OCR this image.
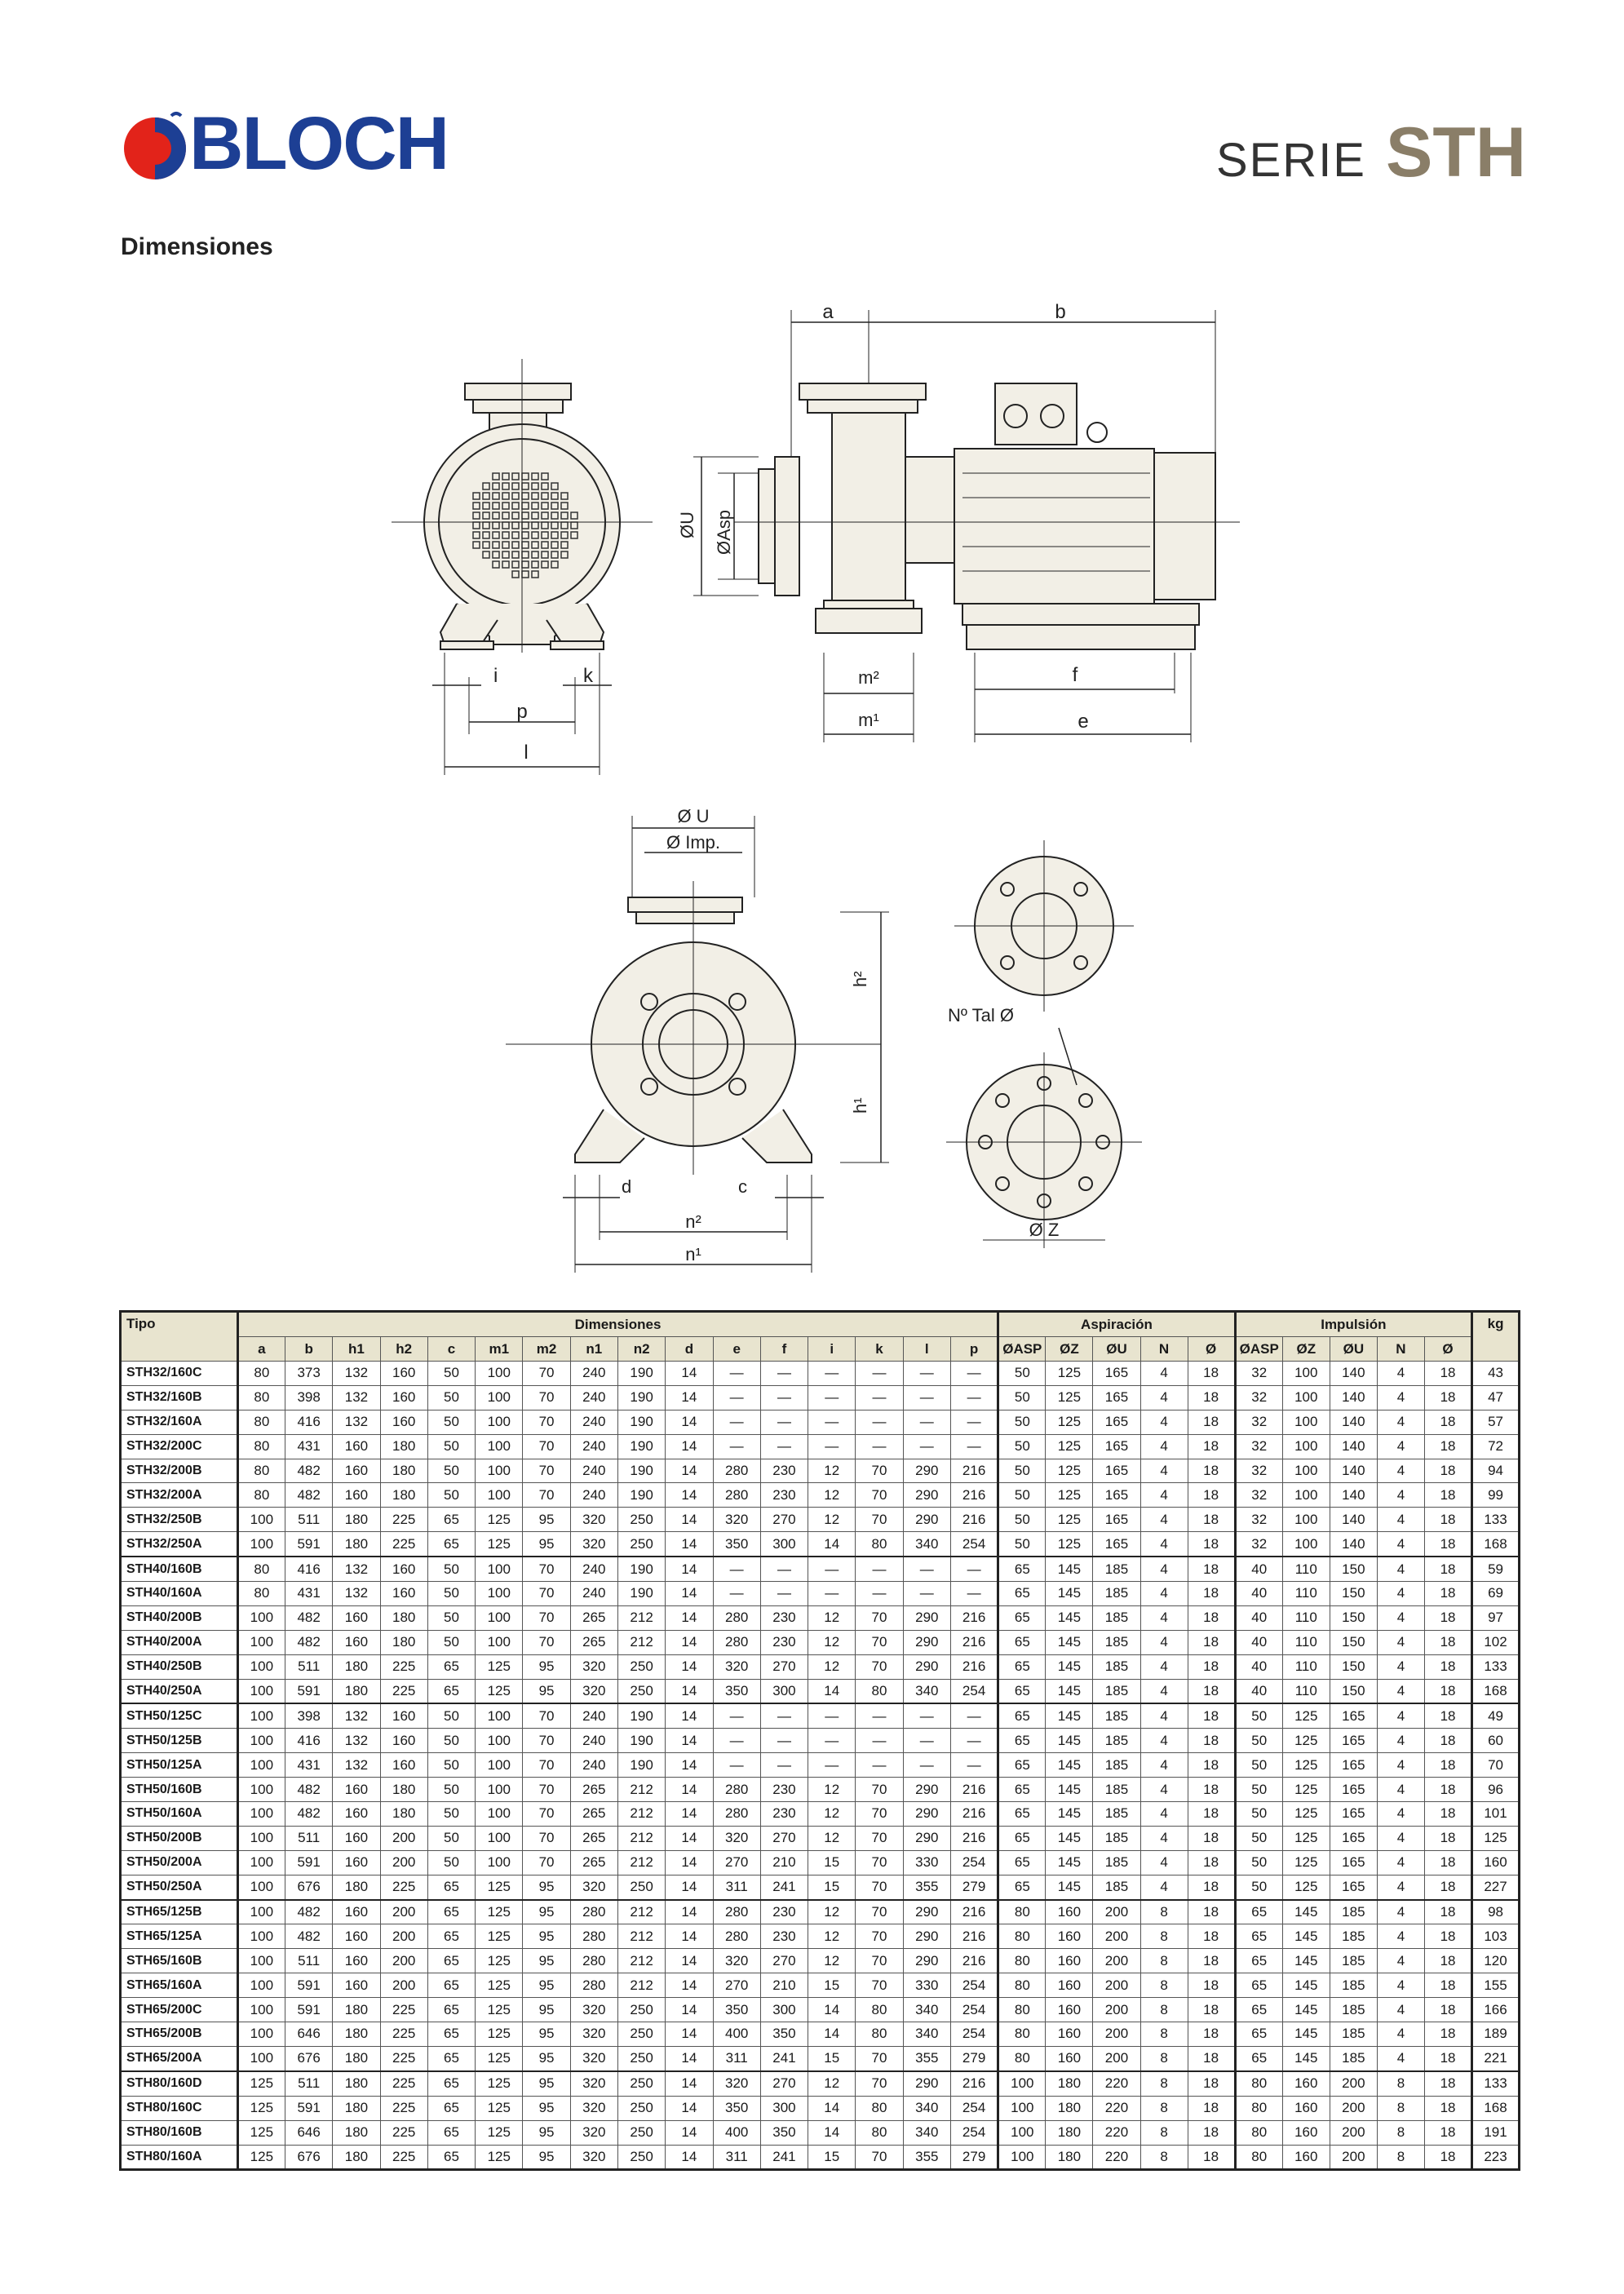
BLOCH	SERIE STH
Dimensiones
i	k
p
l
a	b
ØU ØAsp
m²
m¹
f
e
Ø U
Ø Imp.
h²
h¹
d	c
n²
n¹
Nº Tal Ø
Ø Z
Tipo	Dimensiones																Aspiración					Impulsión					kg
	a	b	h1	h2	c	m1	m2	n1	n2	d	e	f	i	k	l	p	ØASP	ØZ	ØU	N	Ø	ØASP	ØZ	ØU	N	Ø	
STH32/160C	80	373	132	160	50	100	70	240	190	14	—	—	—	—	—	—	50	125	165	4	18	32	100	140	4	18	43
STH32/160B	80	398	132	160	50	100	70	240	190	14	—	—	—	—	—	—	50	125	165	4	18	32	100	140	4	18	47
STH32/160A	80	416	132	160	50	100	70	240	190	14	—	—	—	—	—	—	50	125	165	4	18	32	100	140	4	18	57
STH32/200C	80	431	160	180	50	100	70	240	190	14	—	—	—	—	—	—	50	125	165	4	18	32	100	140	4	18	72
STH32/200B	80	482	160	180	50	100	70	240	190	14	280	230	12	70	290	216	50	125	165	4	18	32	100	140	4	18	94
STH32/200A	80	482	160	180	50	100	70	240	190	14	280	230	12	70	290	216	50	125	165	4	18	32	100	140	4	18	99
STH32/250B	100	511	180	225	65	125	95	320	250	14	320	270	12	70	290	216	50	125	165	4	18	32	100	140	4	18	133
STH32/250A	100	591	180	225	65	125	95	320	250	14	350	300	14	80	340	254	50	125	165	4	18	32	100	140	4	18	168
STH40/160B	80	416	132	160	50	100	70	240	190	14	—	—	—	—	—	—	65	145	185	4	18	40	110	150	4	18	59
STH40/160A	80	431	132	160	50	100	70	240	190	14	—	—	—	—	—	—	65	145	185	4	18	40	110	150	4	18	69
STH40/200B	100	482	160	180	50	100	70	265	212	14	280	230	12	70	290	216	65	145	185	4	18	40	110	150	4	18	97
STH40/200A	100	482	160	180	50	100	70	265	212	14	280	230	12	70	290	216	65	145	185	4	18	40	110	150	4	18	102
STH40/250B	100	511	180	225	65	125	95	320	250	14	320	270	12	70	290	216	65	145	185	4	18	40	110	150	4	18	133
STH40/250A	100	591	180	225	65	125	95	320	250	14	350	300	14	80	340	254	65	145	185	4	18	40	110	150	4	18	168
STH50/125C	100	398	132	160	50	100	70	240	190	14	—	—	—	—	—	—	65	145	185	4	18	50	125	165	4	18	49
STH50/125B	100	416	132	160	50	100	70	240	190	14	—	—	—	—	—	—	65	145	185	4	18	50	125	165	4	18	60
STH50/125A	100	431	132	160	50	100	70	240	190	14	—	—	—	—	—	—	65	145	185	4	18	50	125	165	4	18	70
STH50/160B	100	482	160	180	50	100	70	265	212	14	280	230	12	70	290	216	65	145	185	4	18	50	125	165	4	18	96
STH50/160A	100	482	160	180	50	100	70	265	212	14	280	230	12	70	290	216	65	145	185	4	18	50	125	165	4	18	101
STH50/200B	100	511	160	200	50	100	70	265	212	14	320	270	12	70	290	216	65	145	185	4	18	50	125	165	4	18	125
STH50/200A	100	591	160	200	50	100	70	265	212	14	270	210	15	70	330	254	65	145	185	4	18	50	125	165	4	18	160
STH50/250A	100	676	180	225	65	125	95	320	250	14	311	241	15	70	355	279	65	145	185	4	18	50	125	165	4	18	227
STH65/125B	100	482	160	200	65	125	95	280	212	14	280	230	12	70	290	216	80	160	200	8	18	65	145	185	4	18	98
STH65/125A	100	482	160	200	65	125	95	280	212	14	280	230	12	70	290	216	80	160	200	8	18	65	145	185	4	18	103
STH65/160B	100	511	160	200	65	125	95	280	212	14	320	270	12	70	290	216	80	160	200	8	18	65	145	185	4	18	120
STH65/160A	100	591	160	200	65	125	95	280	212	14	270	210	15	70	330	254	80	160	200	8	18	65	145	185	4	18	155
STH65/200C	100	591	180	225	65	125	95	320	250	14	350	300	14	80	340	254	80	160	200	8	18	65	145	185	4	18	166
STH65/200B	100	646	180	225	65	125	95	320	250	14	400	350	14	80	340	254	80	160	200	8	18	65	145	185	4	18	189
STH65/200A	100	676	180	225	65	125	95	320	250	14	311	241	15	70	355	279	80	160	200	8	18	65	145	185	4	18	221
STH80/160D	125	511	180	225	65	125	95	320	250	14	320	270	12	70	290	216	100	180	220	8	18	80	160	200	8	18	133
STH80/160C	125	591	180	225	65	125	95	320	250	14	350	300	14	80	340	254	100	180	220	8	18	80	160	200	8	18	168
STH80/160B	125	646	180	225	65	125	95	320	250	14	400	350	14	80	340	254	100	180	220	8	18	80	160	200	8	18	191
STH80/160A	125	676	180	225	65	125	95	320	250	14	311	241	15	70	355	279	100	180	220	8	18	80	160	200	8	18	223
